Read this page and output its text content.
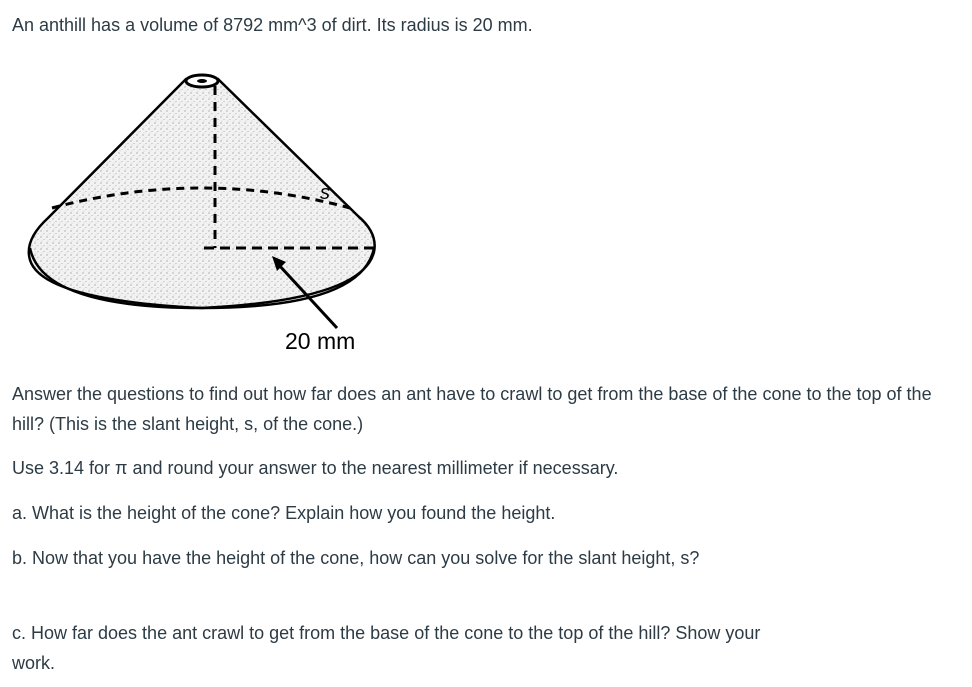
An anthill has a volume of 8792 mm^3 of dirt. Its radius is 20 mm.
s
20 mm

Answer the questions to find out how far does an ant have to crawl to get from the base of the cone to the top of the hill? (This is the slant height, s, of the cone.)

Use 3.14 for π and round your answer to the nearest millimeter if necessary.

a. What is the height of the cone? Explain how you found the height.

b. Now that you have the height of the cone, how can you solve for the slant height, s?

c. How far does the ant crawl to get from the base of the cone to the top of the hill? Show your work.
